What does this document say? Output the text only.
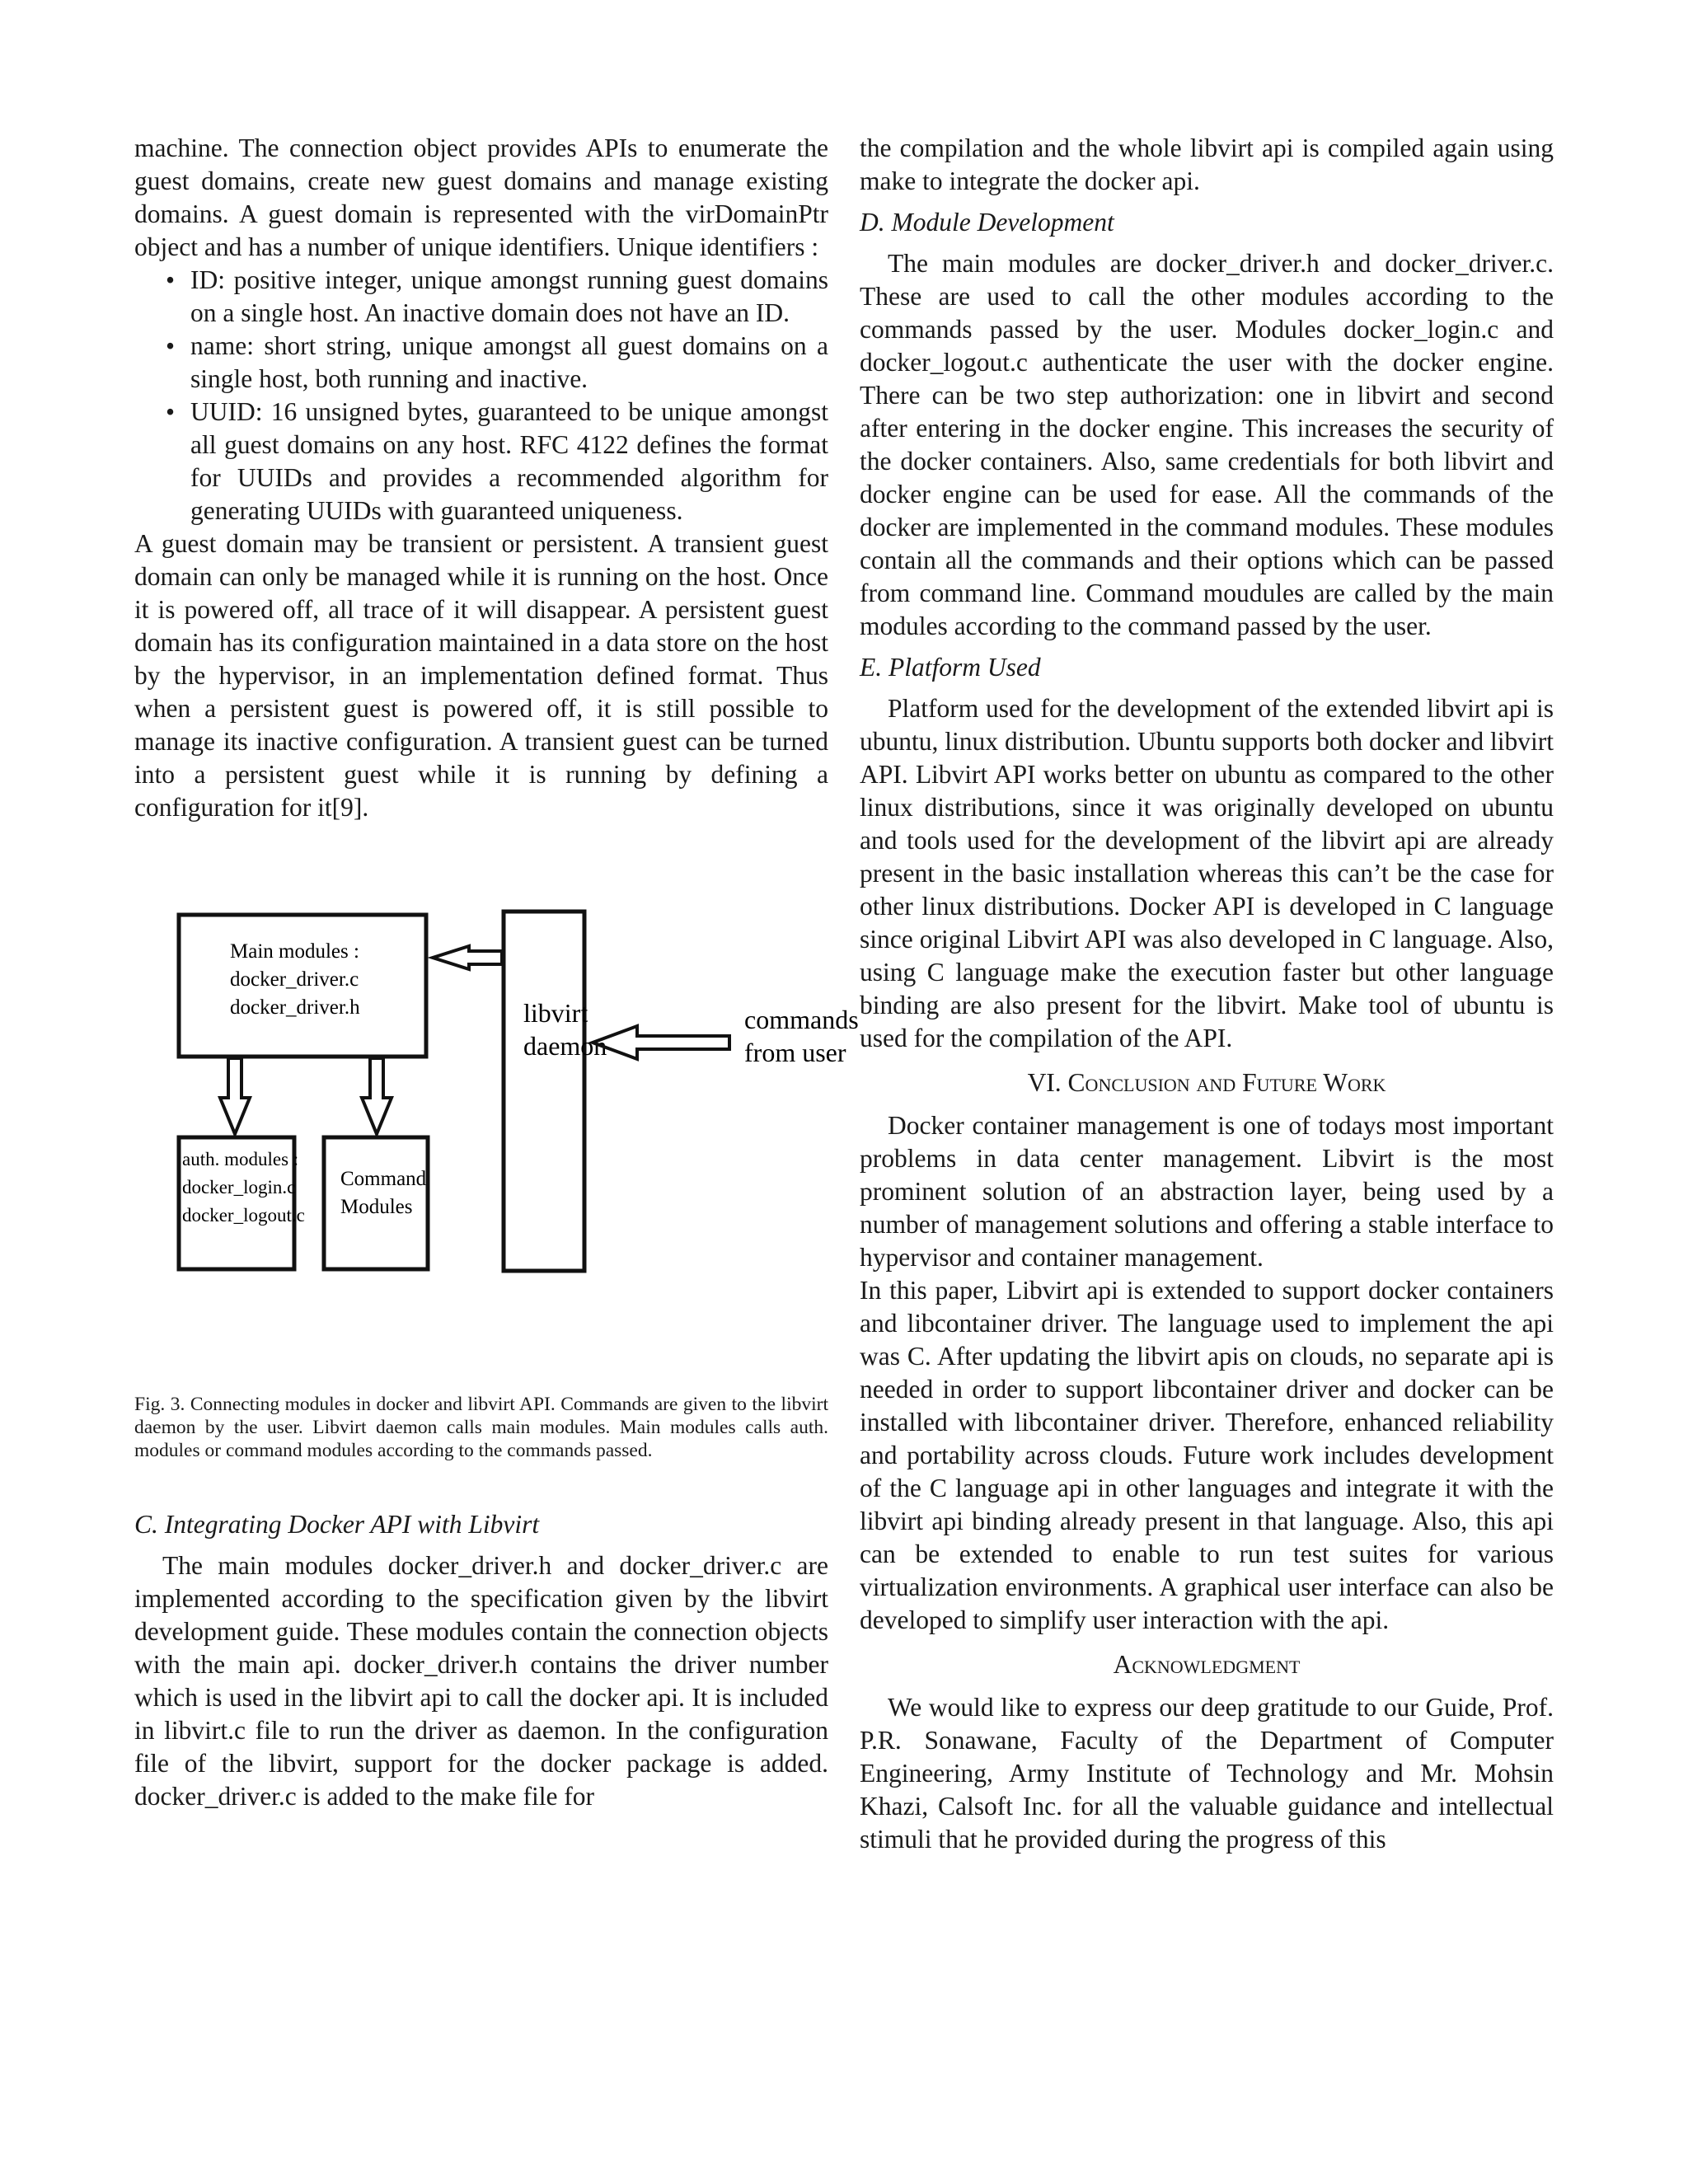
machine. The connection object provides APIs to enumerate the guest domains, create new guest domains and manage existing domains. A guest domain is represented with the virDomainPtr object and has a number of unique identifiers. Unique identifiers :

• ID: positive integer, unique amongst running guest domains on a single host. An inactive domain does not have an ID.
• name: short string, unique amongst all guest domains on a single host, both running and inactive.
• UUID: 16 unsigned bytes, guaranteed to be unique amongst all guest domains on any host. RFC 4122 defines the format for UUIDs and provides a recommended algorithm for generating UUIDs with guaranteed uniqueness.

A guest domain may be transient or persistent. A transient guest domain can only be managed while it is running on the host. Once it is powered off, all trace of it will disappear. A persistent guest domain has its configuration maintained in a data store on the host by the hypervisor, in an implementation defined format. Thus when a persistent guest is powered off, it is still possible to manage its inactive configuration. A transient guest can be turned into a persistent guest while it is running by defining a configuration for it[9].

Main modules :
docker_driver.c
docker_driver.h	libvirt
daemon
auth. modules :
docker_login.c
docker_logout.c
Command
Modules
commands
from user

Fig. 3. Connecting modules in docker and libvirt API. Commands are given to the libvirt daemon by the user. Libvirt daemon calls main modules. Main modules calls auth. modules or command modules according to the commands passed.

C. Integrating Docker API with Libvirt

The main modules docker_driver.h and docker_driver.c are implemented according to the specification given by the libvirt development guide. These modules contain the connection objects with the main api. docker_driver.h contains the driver number which is used in the libvirt api to call the docker api. It is included in libvirt.c file to run the driver as daemon. In the configuration file of the libvirt, support for the docker package is added. docker_driver.c is added to the make file for

the compilation and the whole libvirt api is compiled again using make to integrate the docker api.

D. Module Development

The main modules are docker_driver.h and docker_driver.c. These are used to call the other modules according to the commands passed by the user. Modules docker_login.c and docker_logout.c authenticate the user with the docker engine. There can be two step authorization: one in libvirt and second after entering in the docker engine. This increases the security of the docker containers. Also, same credentials for both libvirt and docker engine can be used for ease. All the commands of the docker are implemented in the command modules. These modules contain all the commands and their options which can be passed from command line. Command moudules are called by the main modules according to the command passed by the user.

E. Platform Used

Platform used for the development of the extended libvirt api is ubuntu, linux distribution. Ubuntu supports both docker and libvirt API. Libvirt API works better on ubuntu as compared to the other linux distributions, since it was originally developed on ubuntu and tools used for the development of the libvirt api are already present in the basic installation whereas this can’t be the case for other linux distributions. Docker API is developed in C language since original Libvirt API was also developed in C language. Also, using C language make the execution faster but other language binding are also present for the libvirt. Make tool of ubuntu is used for the compilation of the API.

VI. Conclusion and Future Work

Docker container management is one of todays most important problems in data center management. Libvirt is the most prominent solution of an abstraction layer, being used by a number of management solutions and offering a stable interface to hypervisor and container management.

In this paper, Libvirt api is extended to support docker containers and libcontainer driver. The language used to implement the api was C. After updating the libvirt apis on clouds, no separate api is needed in order to support libcontainer driver and docker can be installed with libcontainer driver. Therefore, enhanced reliability and portability across clouds. Future work includes development of the C language api in other languages and integrate it with the libvirt api binding already present in that language. Also, this api can be extended to enable to run test suites for various virtualization environments. A graphical user interface can also be developed to simplify user interaction with the api.

Acknowledgment

We would like to express our deep gratitude to our Guide, Prof. P.R. Sonawane, Faculty of the Department of Computer Engineering, Army Institute of Technology and Mr. Mohsin Khazi, Calsoft Inc. for all the valuable guidance and intellectual stimuli that he provided during the progress of this
